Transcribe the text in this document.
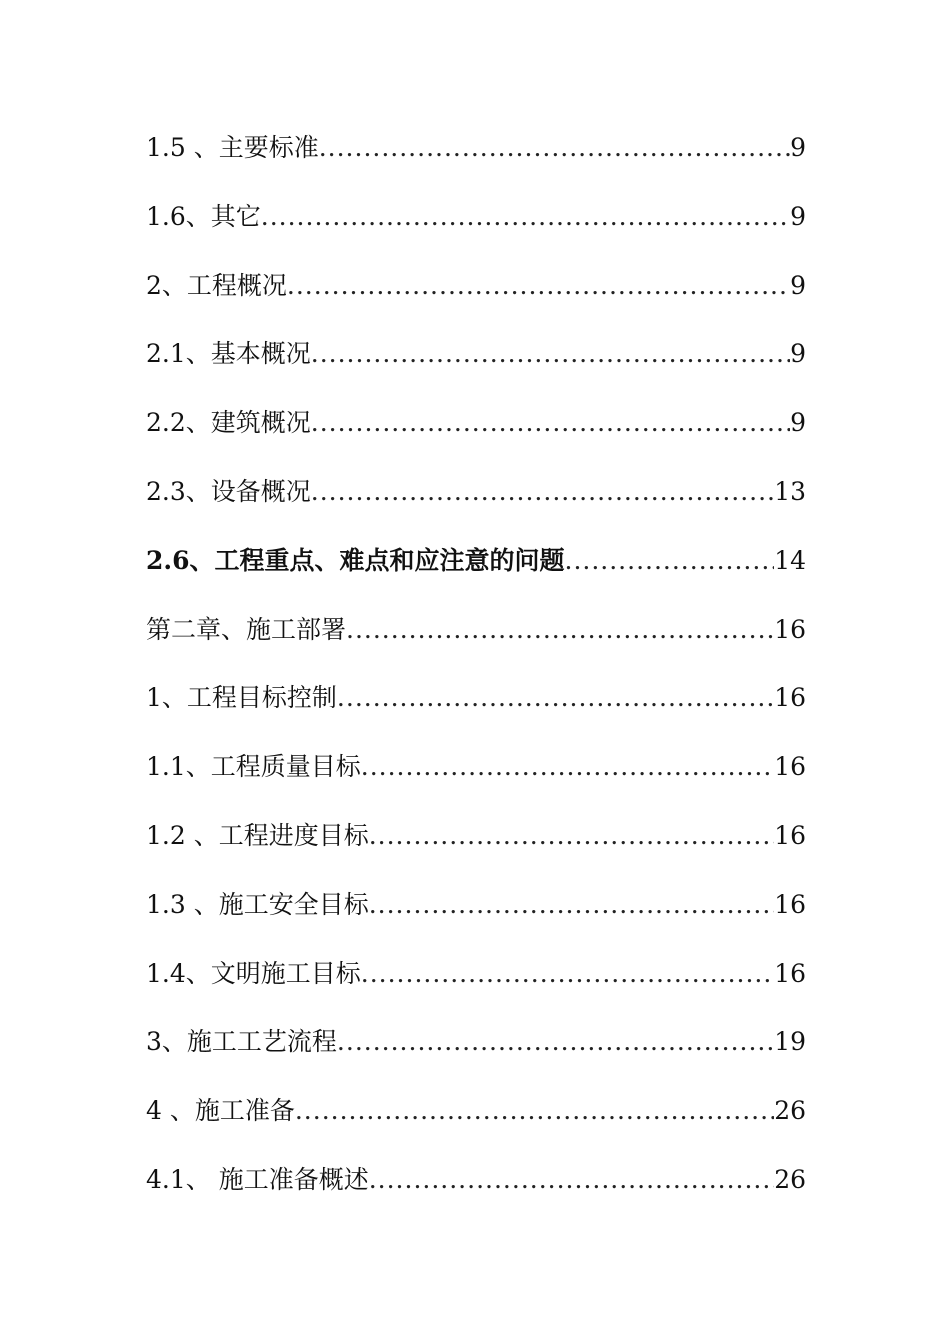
1.5 、主要标准 .....	9
1.6、其它 .....	9
2、工程概况 .....	9
2.1、基本概况 .....	9
2.2、建筑概况 .....	9
2.3、设备概况 .....	13
2.6、工程重点、难点和应注意的问题 .....	14
第二章、施工部署 .....	16
1、工程目标控制 .....	16
1.1、工程质量目标 .....	16
1.2 、工程进度目标 .....	16
1.3 、施工安全目标 .....	16
1.4、文明施工目标 .....	16
3、施工工艺流程 .....	19
4 、施工准备 .....	26
4.1、 施工准备概述 .....	26
